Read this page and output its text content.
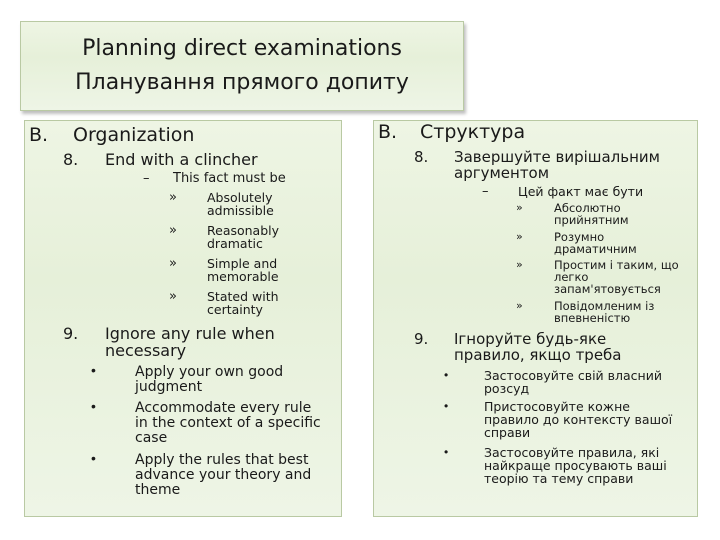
Planning direct examinations
Планування прямого допиту
B. Organization
8. End with a clincher
– This fact must be
» Absolutely
admissible
» Reasonably
dramatic
» Simple and
memorable
» Stated with
certainty
9. Ignore any rule when
necessary
•	Apply your own good
judgment
•	Accommodate every rule
in the context of a specific
case
•	Apply the rules that best
advance your theory and
theme
B. Структура
8. Завершуйте вирішальним
аргументом
– Цей факт має бути
»	Абсолютно
прийнятним
»	Розумно
драматичним
»	Простим і таким, що
легко
запам'ятовується
»	Повідомленим із
впевненістю
9. Ігноруйте будь-яке
правило, якщо треба
•	Застосовуйте свій власний
розсуд
•	Пристосовуйте кожне
правило до контексту вашої
справи
•	Застосовуйте правила, які
найкраще просувають ваші
теорію та тему справи
